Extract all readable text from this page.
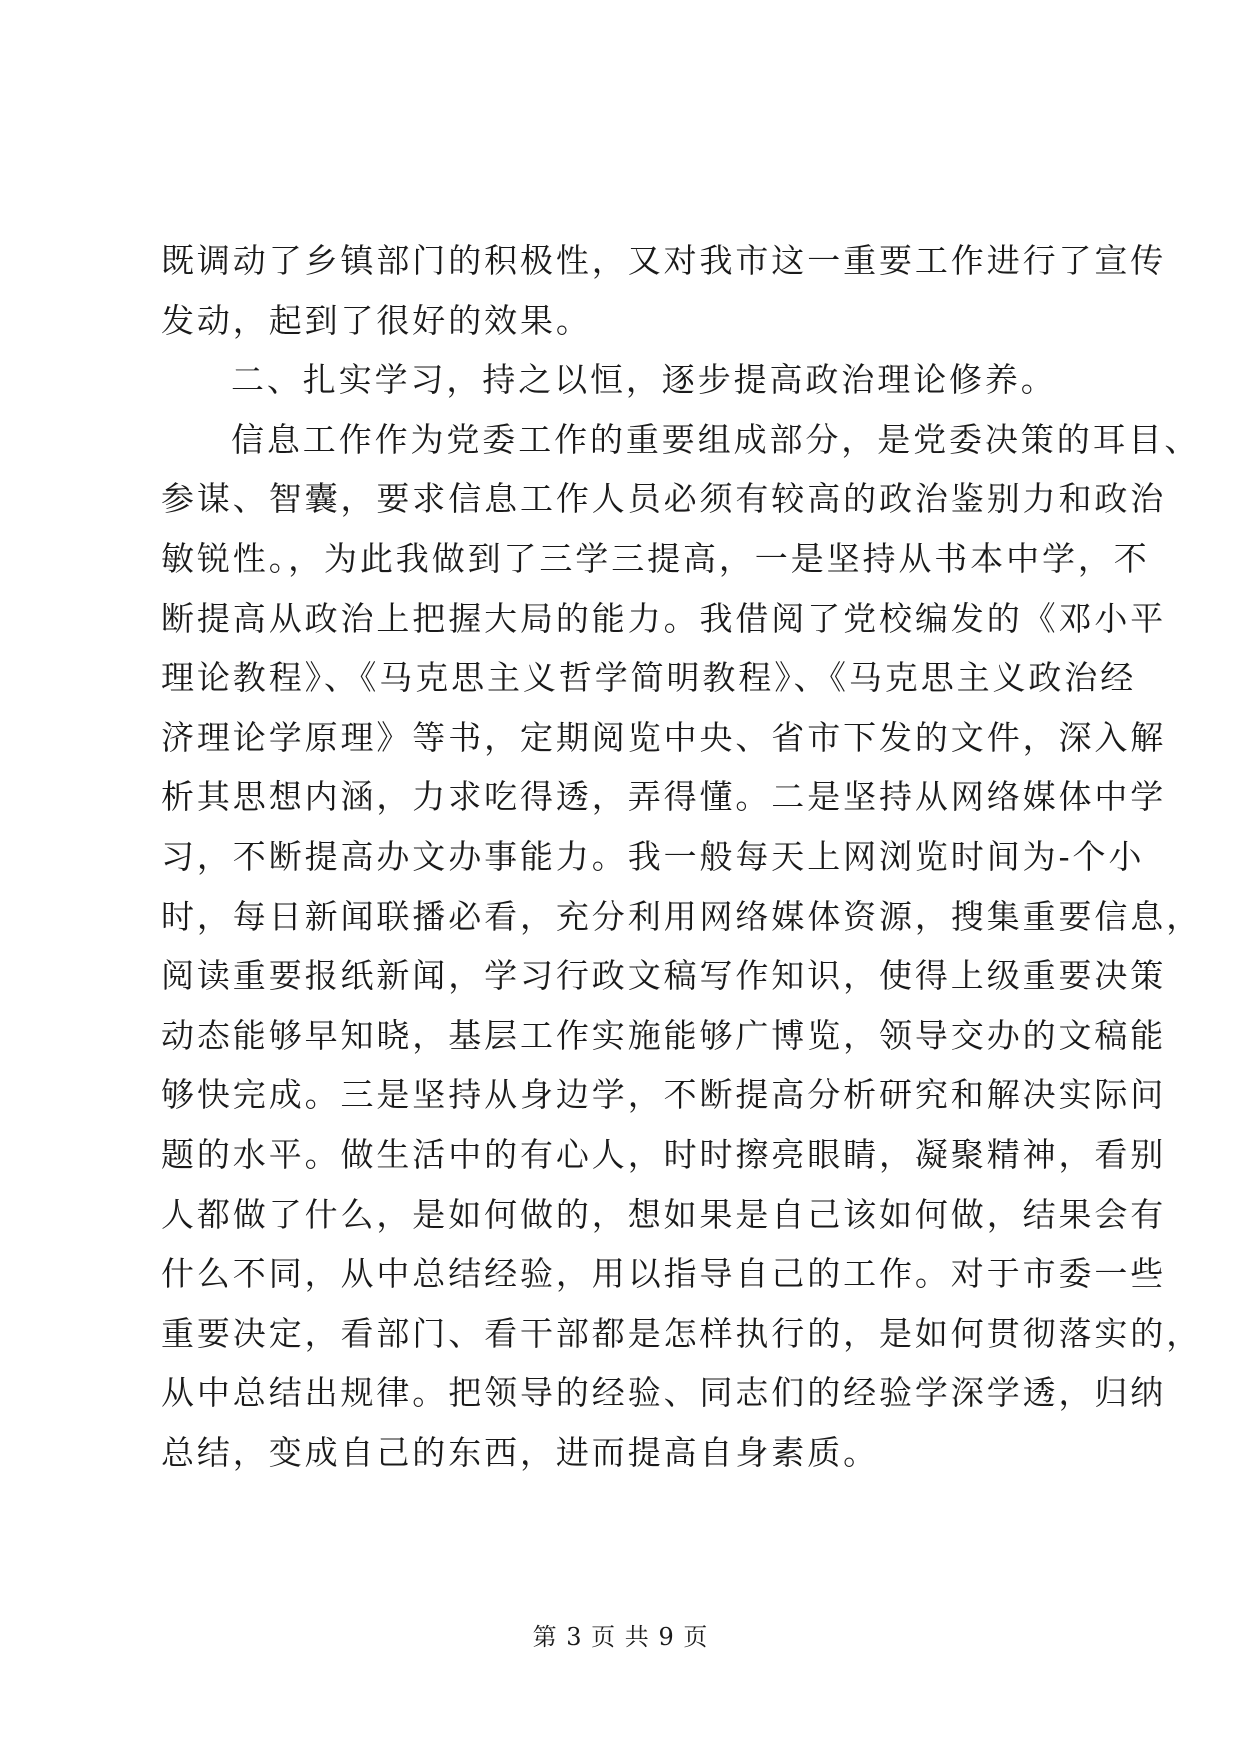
既调动了乡镇部门的积极性，又对我市这一重要工作进行了宣传
发动，起到了很好的效果。
二、扎实学习，持之以恒，逐步提高政治理论修养。
信息工作作为党委工作的重要组成部分，是党委决策的耳目、
参谋、智囊，要求信息工作人员必须有较高的政治鉴别力和政治
敏锐性。，为此我做到了三学三提高，一是坚持从书本中学，不
断提高从政治上把握大局的能力。我借阅了党校编发的《邓小平
理论教程》、《马克思主义哲学简明教程》、《马克思主义政治经
济理论学原理》等书，定期阅览中央、省市下发的文件，深入解
析其思想内涵，力求吃得透，弄得懂。二是坚持从网络媒体中学
习，不断提高办文办事能力。我一般每天上网浏览时间为-个小
时，每日新闻联播必看，充分利用网络媒体资源，搜集重要信息，
阅读重要报纸新闻，学习行政文稿写作知识，使得上级重要决策
动态能够早知晓，基层工作实施能够广博览，领导交办的文稿能
够快完成。三是坚持从身边学，不断提高分析研究和解决实际问
题的水平。做生活中的有心人，时时擦亮眼睛，凝聚精神，看别
人都做了什么，是如何做的，想如果是自己该如何做，结果会有
什么不同，从中总结经验，用以指导自己的工作。对于市委一些
重要决定，看部门、看干部都是怎样执行的，是如何贯彻落实的，
从中总结出规律。把领导的经验、同志们的经验学深学透，归纳
总结，变成自己的东西，进而提高自身素质。
第 3 页 共 9 页
